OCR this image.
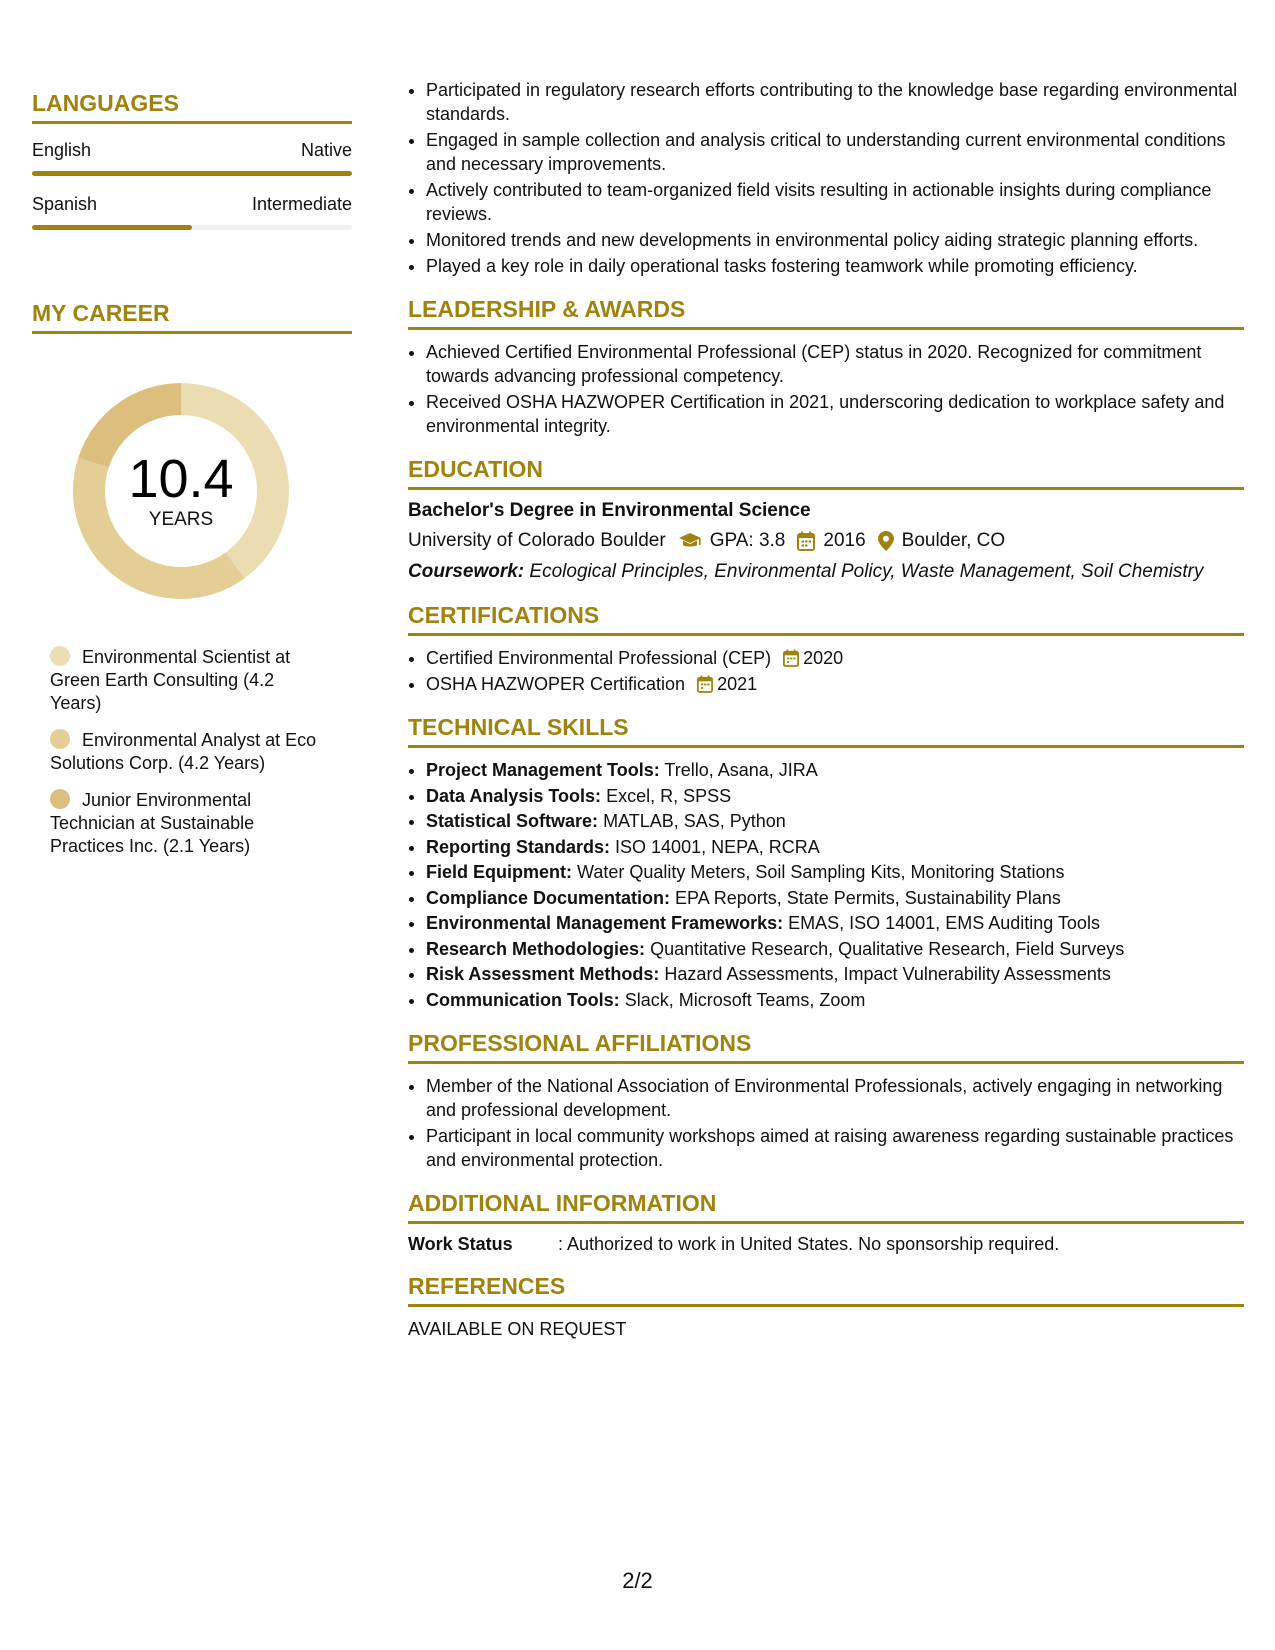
LANGUAGES
English	Native
Spanish	Intermediate
MY CAREER
10.4
YEARS
Environmental Scientist at Green Earth Consulting (4.2 Years)
Environmental Analyst at Eco Solutions Corp. (4.2 Years)
Junior Environmental Technician at Sustainable Practices Inc. (2.1 Years)
• Participated in regulatory research efforts contributing to the knowledge base regarding environmental standards.
• Engaged in sample collection and analysis critical to understanding current environmental conditions and necessary improvements.
• Actively contributed to team-organized field visits resulting in actionable insights during compliance reviews.
• Monitored trends and new developments in environmental policy aiding strategic planning efforts.
• Played a key role in daily operational tasks fostering teamwork while promoting efficiency.
LEADERSHIP & AWARDS
• Achieved Certified Environmental Professional (CEP) status in 2020. Recognized for commitment towards advancing professional competency.
• Received OSHA HAZWOPER Certification in 2021, underscoring dedication to workplace safety and environmental integrity.
EDUCATION
Bachelor's Degree in Environmental Science
University of Colorado Boulder GPA: 3.8 2016 Boulder, CO
Coursework: Ecological Principles, Environmental Policy, Waste Management, Soil Chemistry
CERTIFICATIONS
• Certified Environmental Professional (CEP) 2020
• OSHA HAZWOPER Certification 2021
TECHNICAL SKILLS
• Project Management Tools: Trello, Asana, JIRA
• Data Analysis Tools: Excel, R, SPSS
• Statistical Software: MATLAB, SAS, Python
• Reporting Standards: ISO 14001, NEPA, RCRA
• Field Equipment: Water Quality Meters, Soil Sampling Kits, Monitoring Stations
• Compliance Documentation: EPA Reports, State Permits, Sustainability Plans
• Environmental Management Frameworks: EMAS, ISO 14001, EMS Auditing Tools
• Research Methodologies: Quantitative Research, Qualitative Research, Field Surveys
• Risk Assessment Methods: Hazard Assessments, Impact Vulnerability Assessments
• Communication Tools: Slack, Microsoft Teams, Zoom
PROFESSIONAL AFFILIATIONS
• Member of the National Association of Environmental Professionals, actively engaging in networking and professional development.
• Participant in local community workshops aimed at raising awareness regarding sustainable practices and environmental protection.
ADDITIONAL INFORMATION
Work Status	: Authorized to work in United States. No sponsorship required.
REFERENCES
AVAILABLE ON REQUEST
2/2
